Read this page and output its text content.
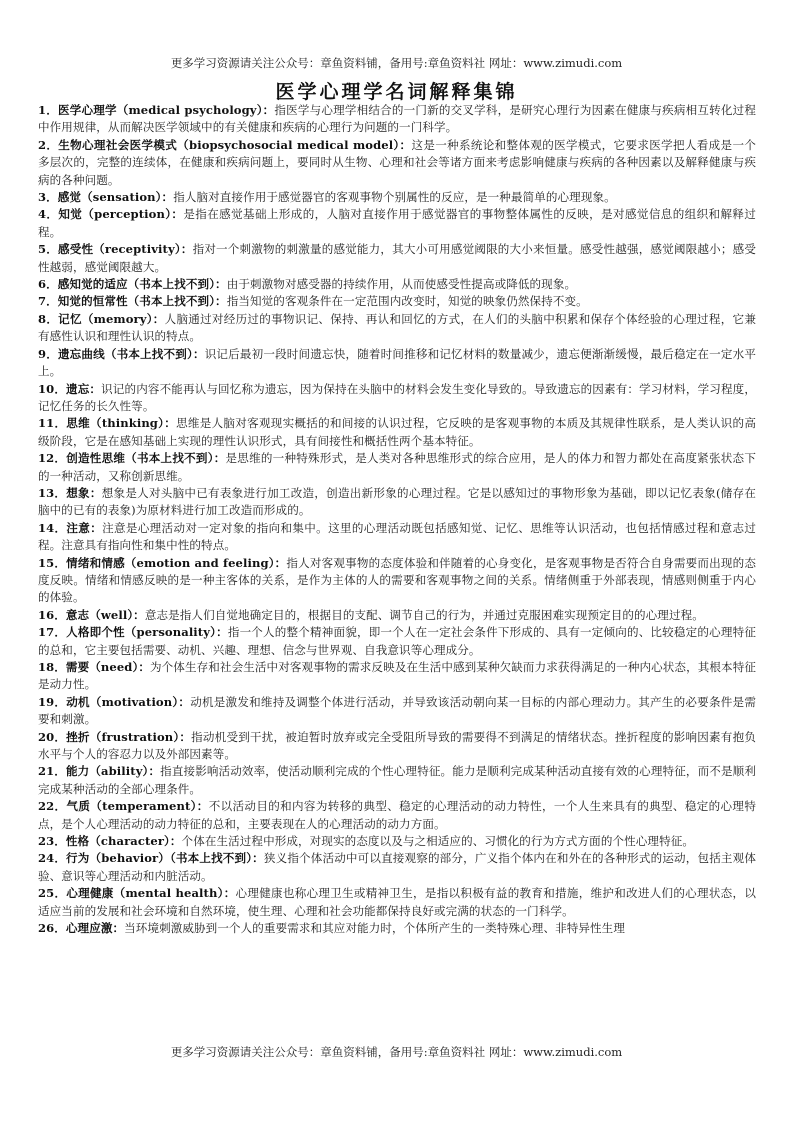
更多学习资源请关注公众号：章鱼资料铺，备用号:章鱼资料社 网址：www.zimudi.com
医学心理学名词解释集锦
1．医学心理学（medical psychology）：指医学与心理学相结合的一门新的交叉学科，是研究心理行为因素在健康与疾病相互转化过程中作用规律，从而解决医学领域中的有关健康和疾病的心理行为问题的一门科学。
2．生物心理社会医学模式（biopsychosocial medical model）：这是一种系统论和整体观的医学模式，它要求医学把人看成是一个多层次的，完整的连续体，在健康和疾病问题上，要同时从生物、心理和社会等诸方面来考虑影响健康与疾病的各种因素以及解释健康与疾病的各种问题。
3．感觉（sensation）：指人脑对直接作用于感觉器官的客观事物个别属性的反应，是一种最简单的心理现象。
4．知觉（perception）：是指在感觉基础上形成的，人脑对直接作用于感觉器官的事物整体属性的反映，是对感觉信息的组织和解释过程。
5．感受性（receptivity）：指对一个刺激物的刺激量的感觉能力，其大小可用感觉阈限的大小来恒量。感受性越强，感觉阈限越小；感受性越弱，感觉阈限越大。
6．感知觉的适应（书本上找不到）：由于刺激物对感受器的持续作用，从而使感受性提高或降低的现象。
7．知觉的恒常性（书本上找不到）：指当知觉的客观条件在一定范围内改变时，知觉的映象仍然保持不变。
8．记忆（memory）：人脑通过对经历过的事物识记、保持、再认和回忆的方式，在人们的头脑中积累和保存个体经验的心理过程，它兼有感性认识和理性认识的特点。
9．遗忘曲线（书本上找不到）：识记后最初一段时间遗忘快，随着时间推移和记忆材料的数量减少，遗忘便渐渐缓慢，最后稳定在一定水平上。
10．遗忘：识记的内容不能再认与回忆称为遗忘，因为保持在头脑中的材料会发生变化导致的。导致遗忘的因素有：学习材料，学习程度，记忆任务的长久性等。
11．思维（thinking）：思维是人脑对客观现实概括的和间接的认识过程，它反映的是客观事物的本质及其规律性联系，是人类认识的高级阶段，它是在感知基础上实现的理性认识形式，具有间接性和概括性两个基本特征。
12．创造性思维（书本上找不到）：是思维的一种特殊形式，是人类对各种思维形式的综合应用，是人的体力和智力都处在高度紧张状态下的一种活动，又称创新思维。
13．想象：想象是人对头脑中已有表象进行加工改造，创造出新形象的心理过程。它是以感知过的事物形象为基础，即以记忆表象(储存在脑中的已有的表象)为原材料进行加工改造而形成的。
14．注意：注意是心理活动对一定对象的指向和集中。这里的心理活动既包括感知觉、记忆、思维等认识活动，也包括情感过程和意志过程。注意具有指向性和集中性的特点。
15．情绪和情感（emotion and feeling）：指人对客观事物的态度体验和伴随着的心身变化，是客观事物是否符合自身需要而出现的态度反映。情绪和情感反映的是一种主客体的关系，是作为主体的人的需要和客观事物之间的关系。情绪侧重于外部表现，情感则侧重于内心的体验。
16．意志（well）：意志是指人们自觉地确定目的，根据目的支配、调节自己的行为，并通过克服困难实现预定目的的心理过程。
17．人格即个性（personality）：指一个人的整个精神面貌，即一个人在一定社会条件下形成的、具有一定倾向的、比较稳定的心理特征的总和，它主要包括需要、动机、兴趣、理想、信念与世界观、自我意识等心理成分。
18．需要（need）：为个体生存和社会生活中对客观事物的需求反映及在生活中感到某种欠缺而力求获得满足的一种内心状态，其根本特征是动力性。
19．动机（motivation）：动机是激发和维持及调整个体进行活动，并导致该活动朝向某一目标的内部心理动力。其产生的必要条件是需要和刺激。
20．挫折（frustration）：指动机受到干扰，被迫暂时放弃或完全受阻所导致的需要得不到满足的情绪状态。挫折程度的影响因素有抱负水平与个人的容忍力以及外部因素等。
21．能力（ability）：指直接影响活动效率，使活动顺利完成的个性心理特征。能力是顺利完成某种活动直接有效的心理特征，而不是顺利完成某种活动的全部心理条件。
22．气质（temperament）：不以活动目的和内容为转移的典型、稳定的心理活动的动力特性，一个人生来具有的典型、稳定的心理特点，是个人心理活动的动力特征的总和，主要表现在人的心理活动的动力方面。
23．性格（character）：个体在生活过程中形成，对现实的态度以及与之相适应的、习惯化的行为方式方面的个性心理特征。
24．行为（behavior）（书本上找不到）：狭义指个体活动中可以直接观察的部分，广义指个体内在和外在的各种形式的运动，包括主观体验、意识等心理活动和内脏活动。
25．心理健康（mental health）：心理健康也称心理卫生或精神卫生，是指以积极有益的教育和措施，维护和改进人们的心理状态，以适应当前的发展和社会环境和自然环境，使生理、心理和社会功能都保持良好或完满的状态的一门科学。
26．心理应激：当环境刺激威胁到一个人的重要需求和其应对能力时，个体所产生的一类特殊心理、非特异性生理
更多学习资源请关注公众号：章鱼资料铺，备用号:章鱼资料社 网址：www.zimudi.com
